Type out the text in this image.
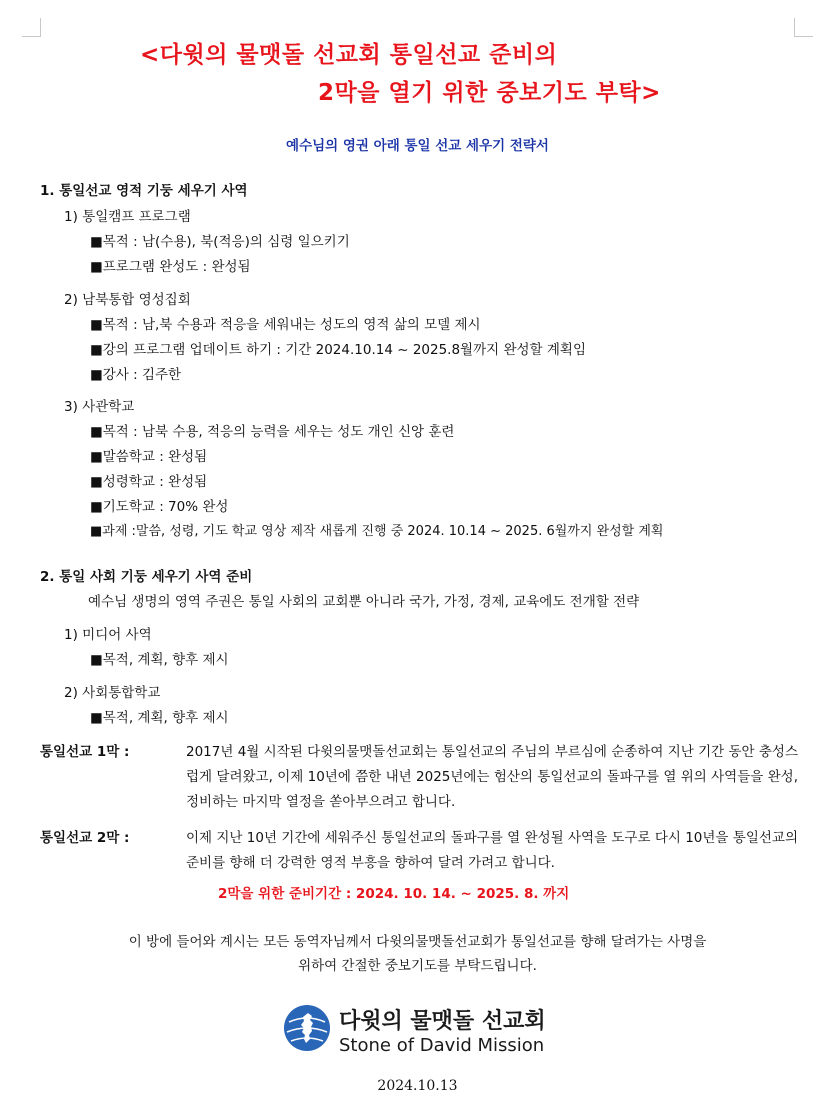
<다윗의 물맷돌 선교회 통일선교 준비의
2막을 열기 위한 중보기도 부탁>
예수님의 영권 아래 통일 선교 세우기 전략서
1. 통일선교 영적 기둥 세우기 사역
1) 통일캠프 프로그램
■목적 : 남(수용), 북(적응)의 심령 일으키기
■프로그램 완성도 : 완성됨
2) 남북통합 영성집회
■목적 : 남,북 수용과 적응을 세워내는 성도의 영적 삶의 모델 제시
■강의 프로그램 업데이트 하기 : 기간 2024.10.14 ~ 2025.8월까지 완성할 계획임
■강사 : 김주한
3) 사관학교
■목적 : 남북 수용, 적응의 능력을 세우는 성도 개인 신앙 훈련
■말씀학교 : 완성됨
■성령학교 : 완성됨
■기도학교 : 70% 완성
■과제 :말씀, 성령, 기도 학교 영상 제작 새롭게 진행 중 2024. 10.14 ~ 2025. 6월까지 완성할 계획
2. 통일 사회 기둥 세우기 사역 준비
예수님 생명의 영역 주권은 통일 사회의 교회뿐 아니라 국가, 가정, 경제, 교육에도 전개할 전략
1) 미디어 사역
■목적, 계획, 향후 제시
2) 사회통합학교
■목적, 계획, 향후 제시
통일선교 1막 :	2017년 4월 시작된 다윗의물맷돌선교회는 통일선교의 주님의 부르심에 순종하여 지난 기간 동안 충성스럽게 달려왔고, 이제 10년에 쯤한 내년 2025년에는 험산의 통일선교의 돌파구를 열 위의 사역들을 완성, 정비하는 마지막 열정을 쏟아부으려고 합니다.
통일선교 2막 :	이제 지난 10년 기간에 세워주신 통일선교의 돌파구를 열 완성될 사역을 도구로 다시 10년을 통일선교의 준비를 향해 더 강력한 영적 부흥을 향하여 달려 가려고 합니다.
2막을 위한 준비기간 : 2024. 10. 14. ~ 2025. 8. 까지
이 방에 들어와 계시는 모든 동역자님께서 다윗의물맷돌선교회가 통일선교를 향해 달려가는 사명을
위하여 간절한 중보기도를 부탁드립니다.
다윗의 물맷돌 선교회
Stone of David Mission
2024.10.13
